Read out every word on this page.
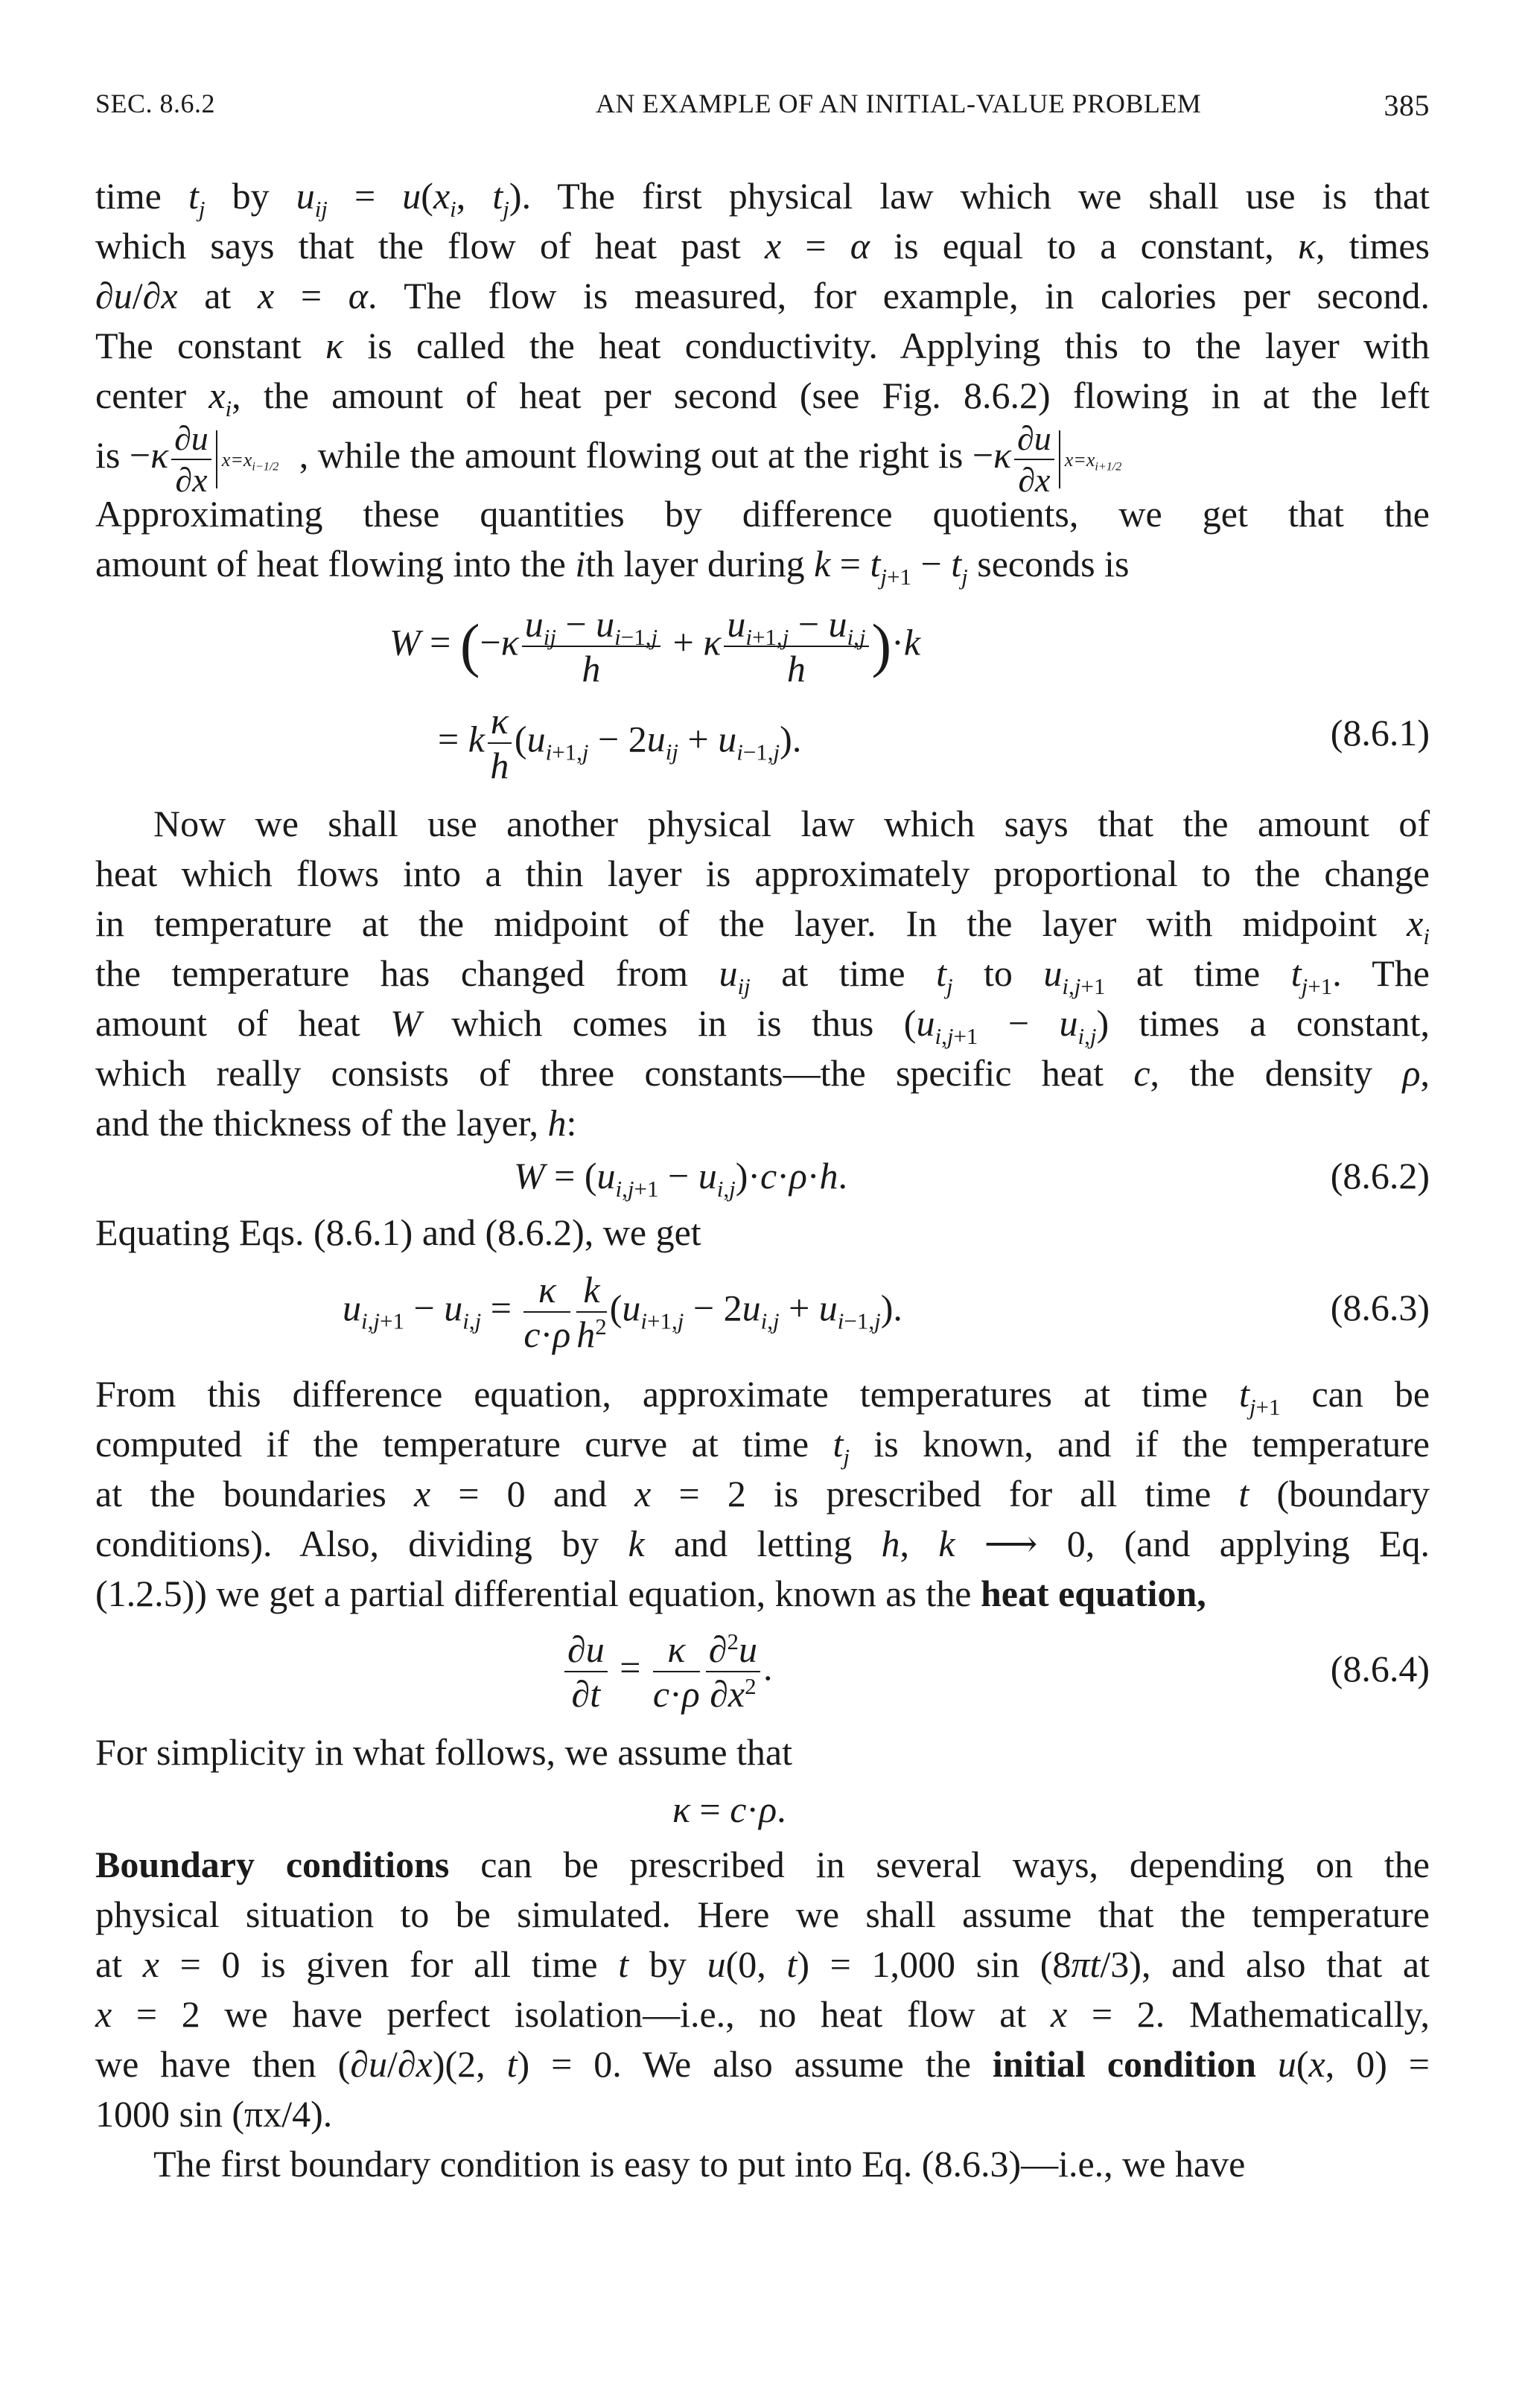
SEC. 8.6.2	AN EXAMPLE OF AN INITIAL-VALUE PROBLEM	385
time $t_j$ by $u_{ij} = u(x_i$, $t_j$). The first physical law which we shall use is that
which says that the flow of heat past x = α is equal to a constant, κ, times
∂u/∂x at x = α. The flow is measured, for example, in calories per second.
The constant κ is called the heat conductivity. Applying this to the layer with
center $x_i$, the amount of heat per second (see Fig. 8.6.2) flowing in at the left
is $-\kappa \frac{\partial u}{\partial x} x=x_{i-1/2}$ , while the amount flowing out at the right is $-\kappa \frac{\partial u}{\partial x} x=x_{i+1/2}$
Approximating these quantities by difference quotients, we get that the
amount of heat flowing into the ith layer during $k = t_{j+1} - t_j$ seconds is
$W = (-\kappa \frac{u_{ij} - u_{i-1,j}}{h} + \kappa \frac{u_{i+1,j} - u_{i,j}}{h} )\cdot k$
= k $\frac{\kappa}{h} (u_{i+1,j} - 2u_{ij} + u_{i-1,j})$.	(8.6.1)
Now we shall use another physical law which says that the amount of
heat which flows into a thin layer is approximately proportional to the change
in temperature at the midpoint of the layer. In the layer with midpoint $x_i$
the temperature has changed from $u_{ij}$ at time $t_j$ to $u_{i,j+1}$ at time $t_{j+1}$. The
amount of heat W which comes in is thus $(u_{i,j+1} - u_{i,j})$ times a constant,
which really consists of three constants—the specific heat c, the density ρ,
and the thickness of the layer, h:
$W = (u_{i,j+1} - u_{i,j})\cdot c\cdot\rho\cdot h$.	(8.6.2)
Equating Eqs. (8.6.1) and (8.6.2), we get
$u_{i,j+1} - u_{i,j} = \frac{\kappa}{c\cdot\rho} \frac{k}{h^2} (u_{i+1,j} - 2u_{i,j} + u_{i-1,j})$.	(8.6.3)
From this difference equation, approximate temperatures at time $t_{j+1}$ can be
computed if the temperature curve at time $t_j$ is known, and if the temperature
at the boundaries x = 0 and x = 2 is prescribed for all time t (boundary
conditions). Also, dividing by k and letting h, k ⟶ 0, (and applying Eq.
(1.2.5)) we get a partial differential equation, known as the heat equation,
$\frac{\partial u}{\partial t} = \frac{\kappa}{c\cdot\rho} \frac{\partial^2u}{\partial x^2}$ .	(8.6.4)
For simplicity in what follows, we assume that
κ = c·ρ.
Boundary conditions can be prescribed in several ways, depending on the
physical situation to be simulated. Here we shall assume that the temperature
at x = 0 is given for all time t by u(0, t) = 1,000 sin (8πt/3), and also that at
x = 2 we have perfect isolation—i.e., no heat flow at x = 2. Mathematically,
we have then (∂u/∂x)(2, t) = 0. We also assume the initial condition u(x, 0) =
1000 sin (πx/4).
The first boundary condition is easy to put into Eq. (8.6.3)—i.e., we have
